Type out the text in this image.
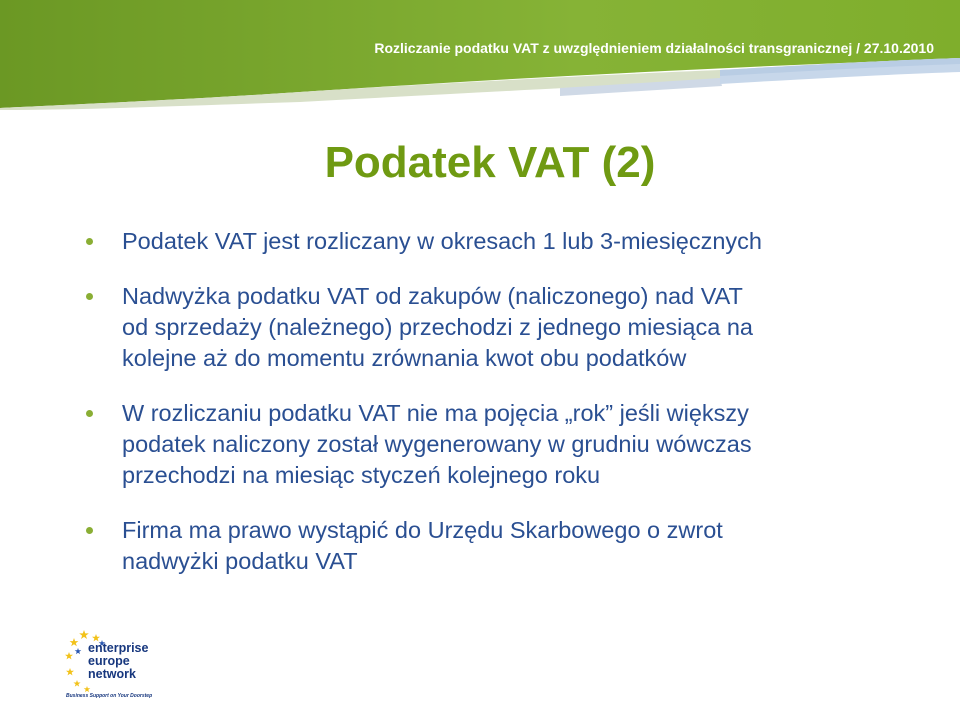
Rozliczanie podatku VAT z uwzględnieniem działalności transgranicznej / 27.10.2010
Podatek VAT (2)
Podatek VAT jest rozliczany w okresach 1 lub 3-miesięcznych
Nadwyżka podatku VAT od zakupów (naliczonego) nad VAT
od sprzedaży (należnego) przechodzi z jednego miesiąca na
kolejne aż do momentu zrównania kwot obu podatków
W rozliczaniu podatku VAT nie ma pojęcia „rok” jeśli większy
podatek naliczony został wygenerowany w grudniu wówczas
przechodzi na miesiąc styczeń kolejnego roku
Firma ma prawo wystąpić do Urzędu Skarbowego o zwrot
nadwyżki podatku VAT
enterprise
europe
network
Business Support on Your Doorstep
